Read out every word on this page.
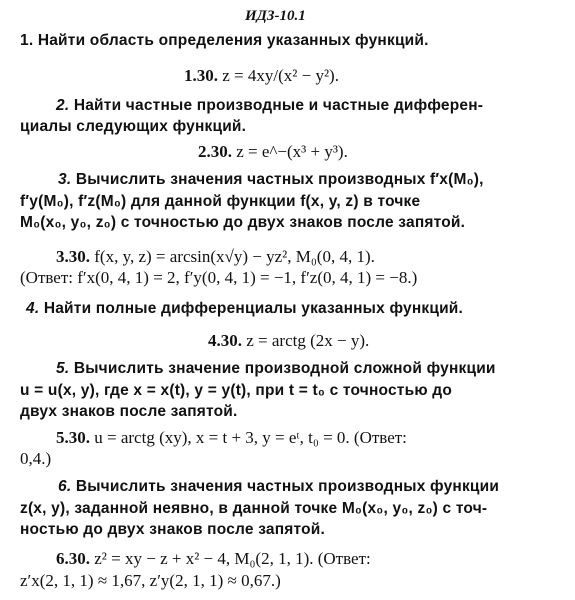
ИДЗ-10.1
1. Найти область определения указанных функций.
1.30. z = 4xy/(x² − y²).
2. Найти частные производные и частные дифферен-
циалы следующих функций.
2.30. z = e^−(x³ + y³).
3. Вычислить значения частных производных f′x(M₀),
f′y(M₀), f′z(M₀) для данной функции f(x, y, z) в точке
M₀(x₀, y₀, z₀) с точностью до двух знаков после запятой.
3.30. f(x, y, z) = arcsin(x√y) − yz², M₀(0, 4, 1).
(Ответ: f′x(0, 4, 1) = 2, f′y(0, 4, 1) = −1, f′z(0, 4, 1) = −8.)
4. Найти полные дифференциалы указанных функций.
4.30. z = arctg (2x − y).
5. Вычислить значение производной сложной функции
u = u(x, y), где x = x(t), y = y(t), при t = t₀ с точностью до
двух знаков после запятой.
5.30. u = arctg (xy), x = t + 3, y = eᵗ, t₀ = 0. (Ответ:
0,4.)
6. Вычислить значения частных производных функции
z(x, y), заданной неявно, в данной точке M₀(x₀, y₀, z₀) с точ-
ностью до двух знаков после запятой.
6.30. z² = xy − z + x² − 4, M₀(2, 1, 1). (Ответ:
z′x(2, 1, 1) ≈ 1,67, z′y(2, 1, 1) ≈ 0,67.)
